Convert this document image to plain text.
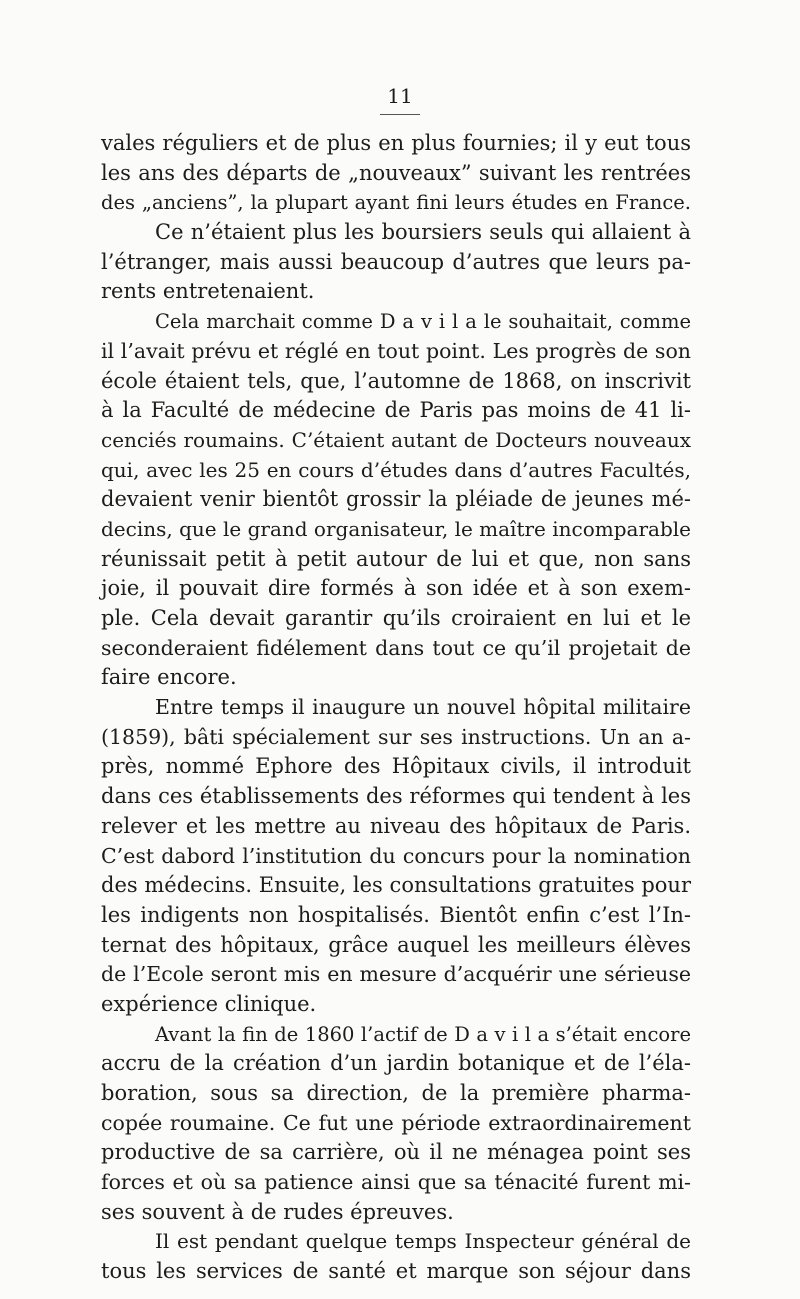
11
vales réguliers et de plus en plus fournies; il y eut tous
les ans des départs de „nouveaux” suivant les rentrées
des „anciens”, la plupart ayant fini leurs études en France.
Ce n’étaient plus les boursiers seuls qui allaient à
l’étranger, mais aussi beaucoup d’autres que leurs pa-
rents entretenaient.
Cela marchait comme D a v i l a le souhaitait, comme
il l’avait prévu et réglé en tout point. Les progrès de son
école étaient tels, que, l’automne de 1868, on inscrivit
à la Faculté de médecine de Paris pas moins de 41 li-
cenciés roumains. C’étaient autant de Docteurs nouveaux
qui, avec les 25 en cours d’études dans d’autres Facultés,
devaient venir bientôt grossir la pléiade de jeunes mé-
decins, que le grand organisateur, le maître incomparable
réunissait petit à petit autour de lui et que, non sans
joie, il pouvait dire formés à son idée et à son exem-
ple. Cela devait garantir qu’ils croiraient en lui et le
seconderaient fidélement dans tout ce qu’il projetait de
faire encore.
Entre temps il inaugure un nouvel hôpital militaire
(1859), bâti spécialement sur ses instructions. Un an a-
près, nommé Ephore des Hôpitaux civils, il introduit
dans ces établissements des réformes qui tendent à les
relever et les mettre au niveau des hôpitaux de Paris.
C’est dabord l’institution du concurs pour la nomination
des médecins. Ensuite, les consultations gratuites pour
les indigents non hospitalisés. Bientôt enfin c’est l’In-
ternat des hôpitaux, grâce auquel les meilleurs élèves
de l’Ecole seront mis en mesure d’acquérir une sérieuse
expérience clinique.
Avant la fin de 1860 l’actif de D a v i l a s’était encore
accru de la création d’un jardin botanique et de l’éla-
boration, sous sa direction, de la première pharma-
copée roumaine. Ce fut une période extraordinairement
productive de sa carrière, où il ne ménagea point ses
forces et où sa patience ainsi que sa ténacité furent mi-
ses souvent à de rudes épreuves.
Il est pendant quelque temps Inspecteur général de
tous les services de santé et marque son séjour dans
